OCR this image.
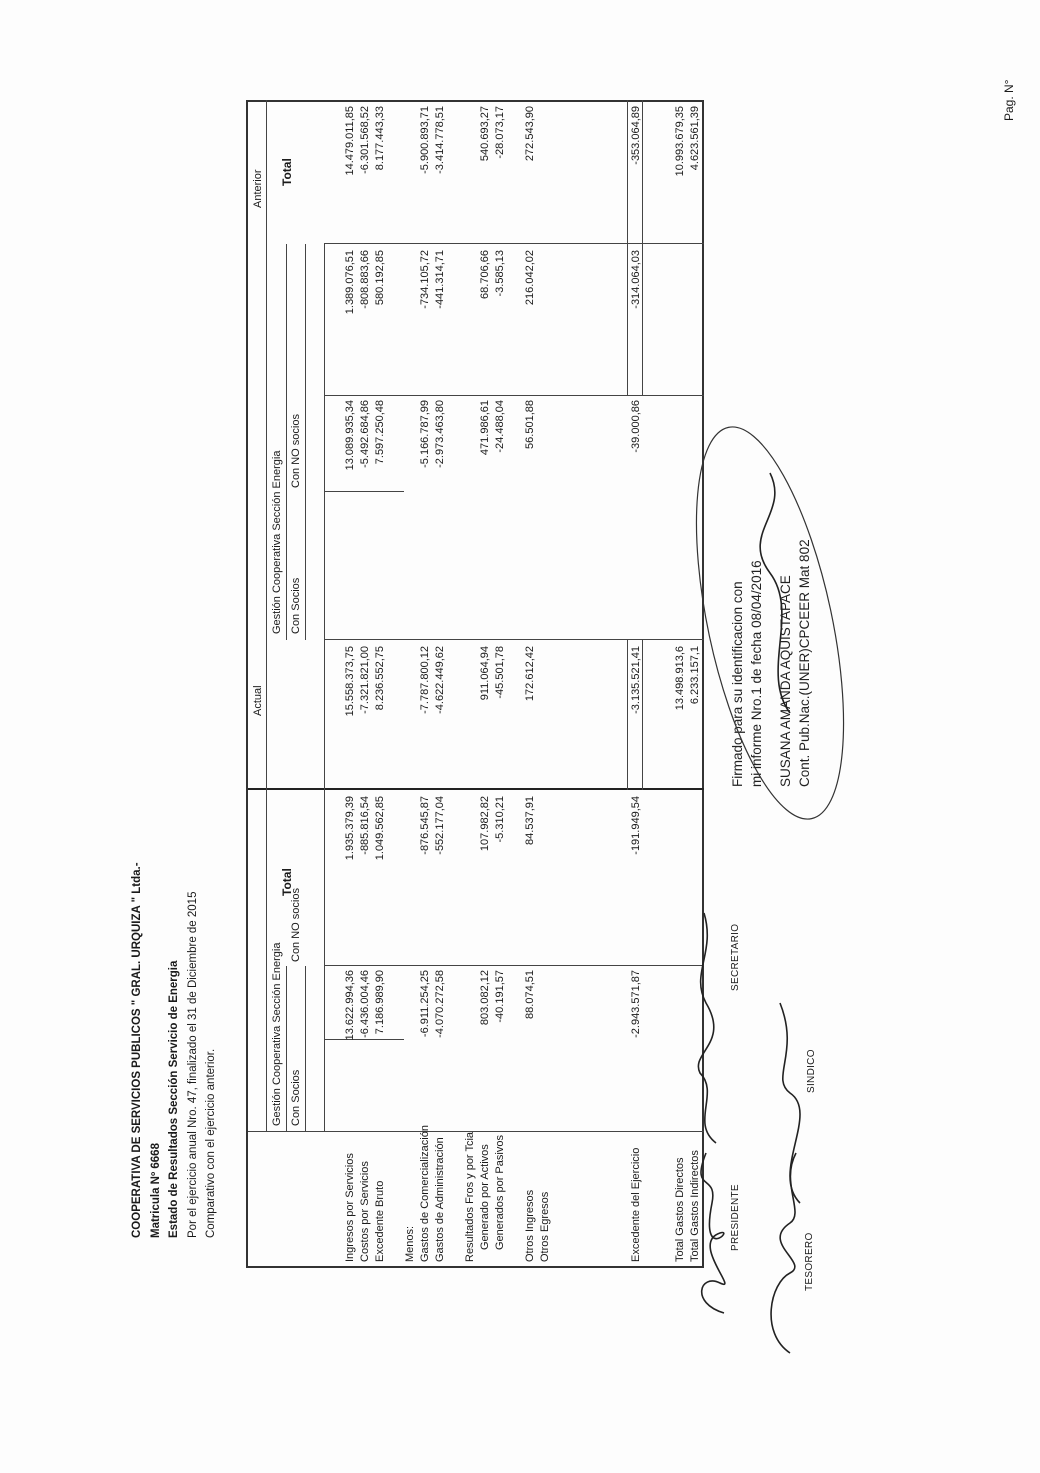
COOPERATIVA DE SERVICIOS PUBLICOS " GRAL. URQUIZA " Ltda.- Matricula Nº 6668 Estado de Resultados Sección Servicio de Energia Por el ejercicio anual Nro. 47, finalizado el 31 de Diciembre de 2015 Comparativo con el ejercicio anterior.
Pag. N°
Actual
Anterior
Gestión Cooperativa Sección Energia
Gestión Cooperativa Sección Energia
Con Socios
Con NO socios
Total
Con Socios
Con NO socios
Total
Ingresos por Servicios
13.622.994,36
1.935.379,39
15.558.373,75
13.089.935,34
1.389.076,51
14.479.011,85
Costos por Servicios
-6.436.004,46
-885.816,54
-7.321.821,00
-5.492.684,86
-808.883,66
-6.301.568,52
Excedente Bruto
7.186.989,90
1.049.562,85
8.236.552,75
7.597.250,48
580.192,85
8.177.443,33
Menos: Gastos de Comercialización
-6.911.254,25
-876.545,87
-7.787.800,12
-5.166.787,99
-734.105,72
-5.900.893,71
Gastos de Administración
-4.070.272,58
-552.177,04
-4.622.449,62
-2.973.463,80
-441.314,71
-3.414.778,51
Resultados Fros y por Tcia Generado por Activos
803.082,12
107.982,82
911.064,94
471.986,61
68.706,66
540.693,27
Generados por Pasivos
-40.191,57
-5.310,21
-45.501,78
-24.488,04
-3.585,13
-28.073,17
Otros Ingresos
88.074,51
84.537,91
172.612,42
56.501,88
216.042,02
272.543,90
Otros Egresos	Excedente del Ejercicio
-2.943.571,87
-191.949,54
-3.135.521,41
-39.000,86
-314.064,03
-353.064,89
Total Gastos Directos
13.498.913,6
10.993.679,35
Total Gastos Indirectos
6.233.157,1
4.623.561,39
PRESIDENTE
SECRETARIO
TESORERO
SINDICO
Firmado para su identificacion con mi informe Nro.1 de fecha 08/04/2016 SUSANA AMANDA AQUISTAPACE Cont. Pub.Nac.(UNER)CPCEER Mat 802
